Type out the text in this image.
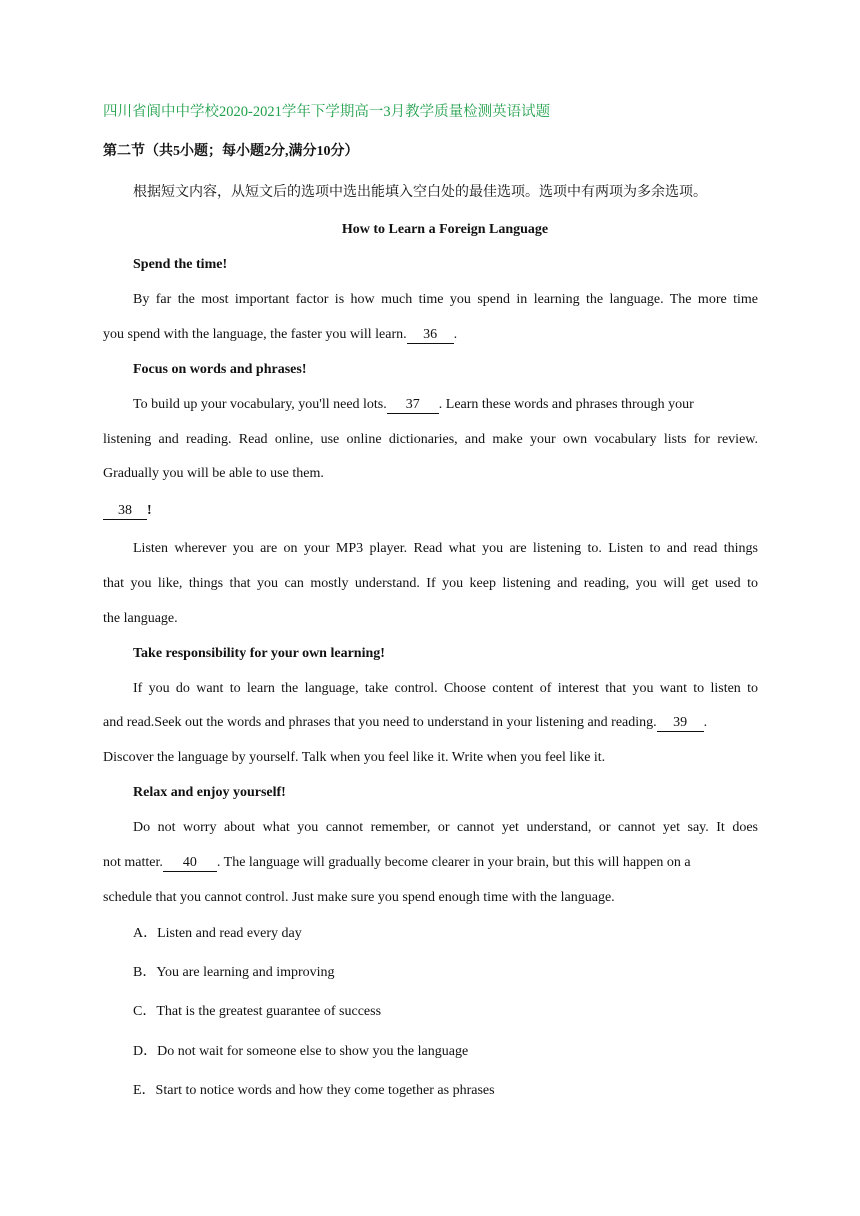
四川省阆中中学校2020-2021学年下学期高一3月教学质量检测英语试题
第二节（共5小题；每小题2分,满分10分）
根据短文内容，从短文后的选项中选出能填入空白处的最佳选项。选项中有两项为多余选项。
How to Learn a Foreign Language
Spend the time!
By far the most important factor is how much time you spend in learning the language. The more time
you spend with the language, the faster you will learn. 36 .
Focus on words and phrases!
To build up your vocabulary, you'll need lots. 37 . Learn these words and phrases through your
listening and reading. Read online, use online dictionaries, and make your own vocabulary lists for review.
Gradually you will be able to use them.
38 !
Listen wherever you are on your MP3 player. Read what you are listening to. Listen to and read things
that you like, things that you can mostly understand. If you keep listening and reading, you will get used to
the language.
Take responsibility for your own learning!
If you do want to learn the language, take control. Choose content of interest that you want to listen to
and read.Seek out the words and phrases that you need to understand in your listening and reading. 39 .
Discover the language by yourself. Talk when you feel like it. Write when you feel like it.
Relax and enjoy yourself!
Do not worry about what you cannot remember, or cannot yet understand, or cannot yet say. It does
not matter. 40 . The language will gradually become clearer in your brain, but this will happen on a
schedule that you cannot control. Just make sure you spend enough time with the language.
A．Listen and read every day
B．You are learning and improving
C．That is the greatest guarantee of success
D．Do not wait for someone else to show you the language
E．Start to notice words and how they come together as phrases
